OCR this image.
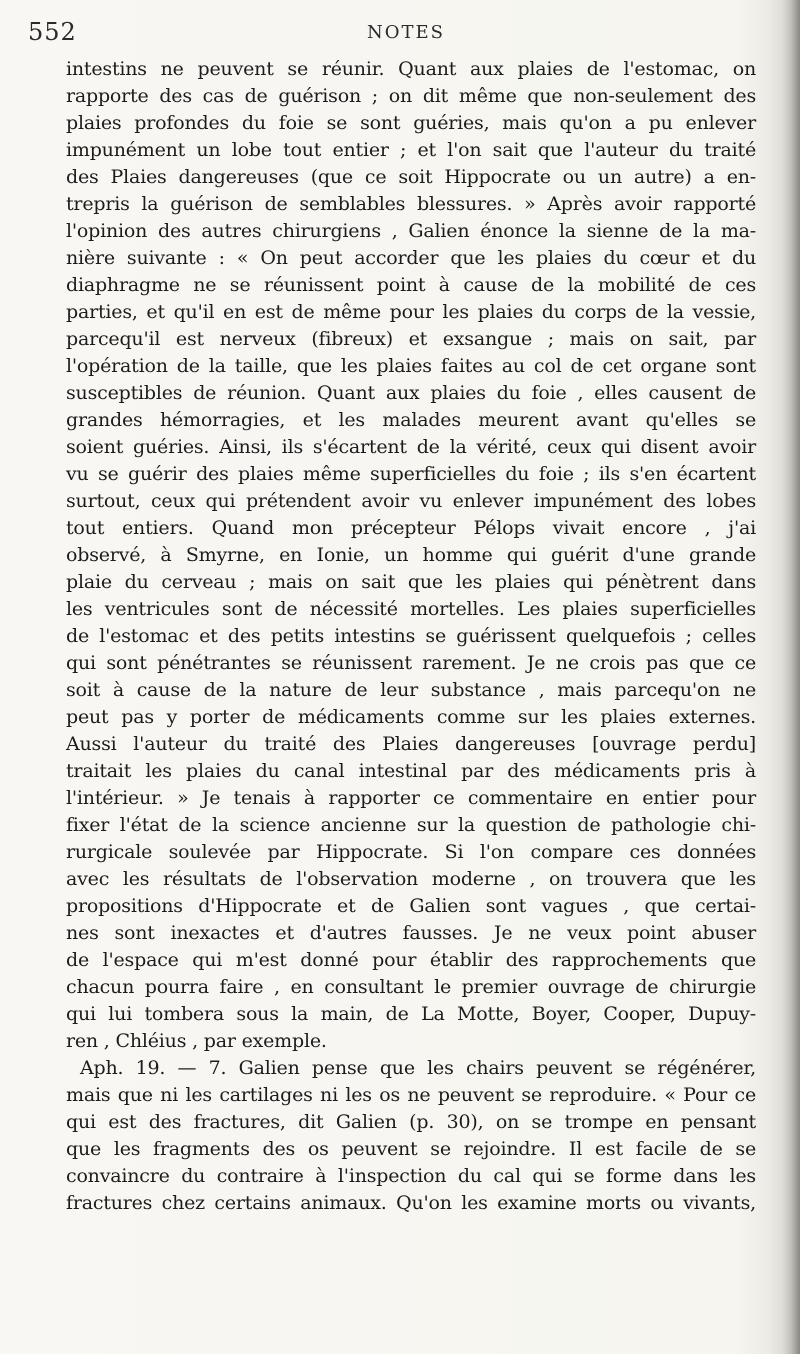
552	NOTES
intestins ne peuvent se réunir. Quant aux plaies de l'estomac, on
rapporte des cas de guérison ; on dit même que non-seulement des
plaies profondes du foie se sont guéries, mais qu'on a pu enlever
impunément un lobe tout entier ; et l'on sait que l'auteur du traité
des Plaies dangereuses (que ce soit Hippocrate ou un autre) a en-
trepris la guérison de semblables blessures. » Après avoir rapporté
l'opinion des autres chirurgiens , Galien énonce la sienne de la ma-
nière suivante : « On peut accorder que les plaies du cœur et du
diaphragme ne se réunissent point à cause de la mobilité de ces
parties, et qu'il en est de même pour les plaies du corps de la vessie,
parcequ'il est nerveux (fibreux) et exsangue ; mais on sait, par
l'opération de la taille, que les plaies faites au col de cet organe sont
susceptibles de réunion. Quant aux plaies du foie , elles causent de
grandes hémorragies, et les malades meurent avant qu'elles se
soient guéries. Ainsi, ils s'écartent de la vérité, ceux qui disent avoir
vu se guérir des plaies même superficielles du foie ; ils s'en écartent
surtout, ceux qui prétendent avoir vu enlever impunément des lobes
tout entiers. Quand mon précepteur Pélops vivait encore , j'ai
observé, à Smyrne, en Ionie, un homme qui guérit d'une grande
plaie du cerveau ; mais on sait que les plaies qui pénètrent dans
les ventricules sont de nécessité mortelles. Les plaies superficielles
de l'estomac et des petits intestins se guérissent quelquefois ; celles
qui sont pénétrantes se réunissent rarement. Je ne crois pas que ce
soit à cause de la nature de leur substance , mais parcequ'on ne
peut pas y porter de médicaments comme sur les plaies externes.
Aussi l'auteur du traité des Plaies dangereuses [ouvrage perdu]
traitait les plaies du canal intestinal par des médicaments pris à
l'intérieur. » Je tenais à rapporter ce commentaire en entier pour
fixer l'état de la science ancienne sur la question de pathologie chi-
rurgicale soulevée par Hippocrate. Si l'on compare ces données
avec les résultats de l'observation moderne , on trouvera que les
propositions d'Hippocrate et de Galien sont vagues , que certai-
nes sont inexactes et d'autres fausses. Je ne veux point abuser
de l'espace qui m'est donné pour établir des rapprochements que
chacun pourra faire , en consultant le premier ouvrage de chirurgie
qui lui tombera sous la main, de La Motte, Boyer, Cooper, Dupuy-
ren , Chléius , par exemple.
Aph. 19. — 7. Galien pense que les chairs peuvent se régénérer,
mais que ni les cartilages ni les os ne peuvent se reproduire. « Pour ce
qui est des fractures, dit Galien (p. 30), on se trompe en pensant
que les fragments des os peuvent se rejoindre. Il est facile de se
convaincre du contraire à l'inspection du cal qui se forme dans les
fractures chez certains animaux. Qu'on les examine morts ou vivants,
